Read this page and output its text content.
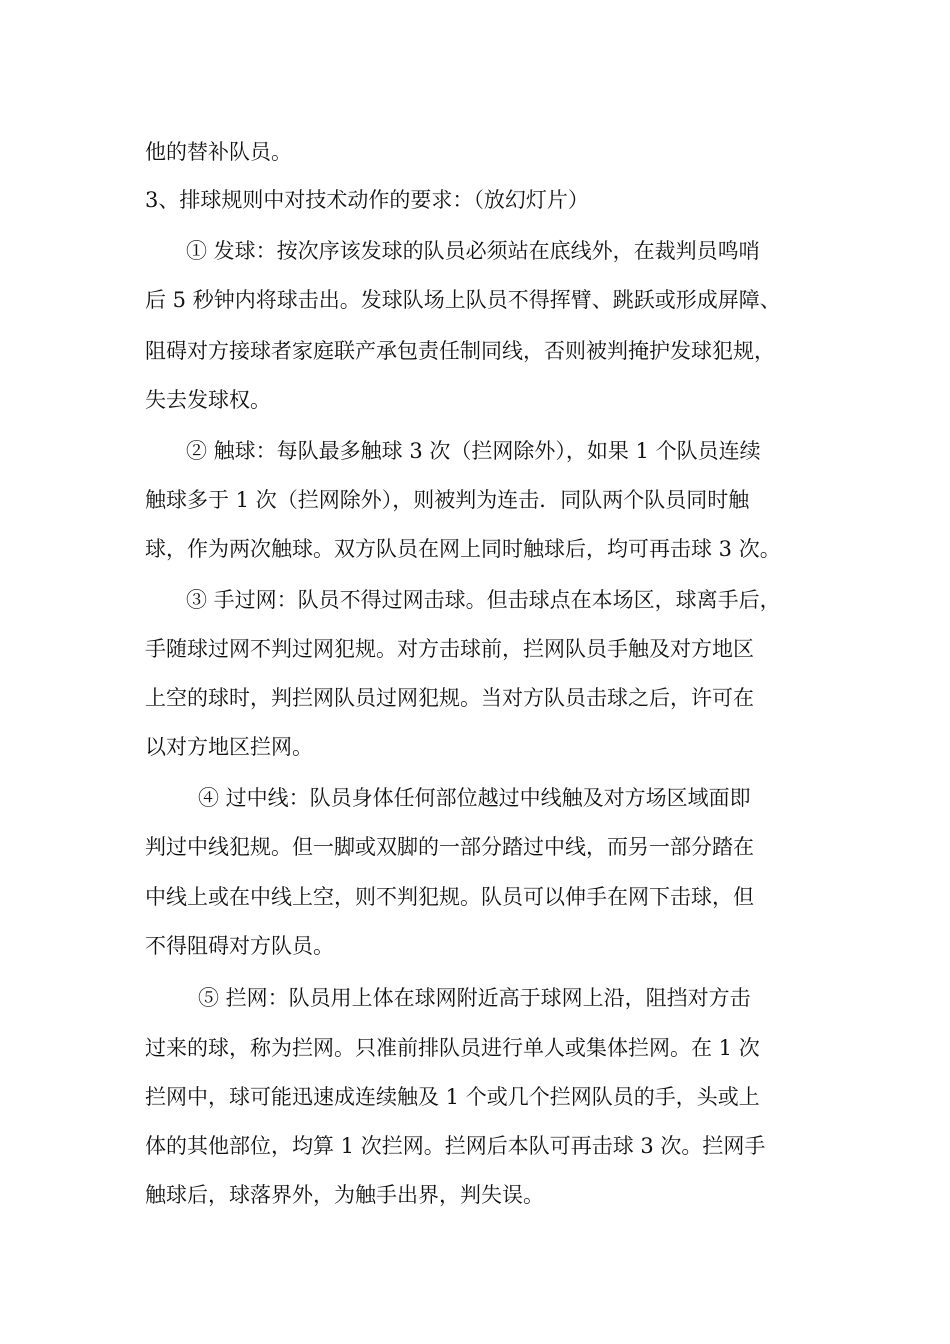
他的替补队员。
3、排球规则中对技术动作的要求：（放幻灯片）
① 发球：按次序该发球的队员必须站在底线外，在裁判员鸣哨
后 5 秒钟内将球击出。发球队场上队员不得挥臂、跳跃或形成屏障、
阻碍对方接球者家庭联产承包责任制同线，否则被判掩护发球犯规，
失去发球权。
② 触球：每队最多触球 3 次（拦网除外），如果 1 个队员连续
触球多于 1 次（拦网除外），则被判为连击．同队两个队员同时触
球，作为两次触球。双方队员在网上同时触球后，均可再击球 3 次。
③ 手过网：队员不得过网击球。但击球点在本场区，球离手后，
手随球过网不判过网犯规。对方击球前，拦网队员手触及对方地区
上空的球时，判拦网队员过网犯规。当对方队员击球之后，许可在
以对方地区拦网。
④ 过中线：队员身体任何部位越过中线触及对方场区域面即
判过中线犯规。但一脚或双脚的一部分踏过中线，而另一部分踏在
中线上或在中线上空，则不判犯规。队员可以伸手在网下击球，但
不得阻碍对方队员。
⑤ 拦网：队员用上体在球网附近高于球网上沿，阻挡对方击
过来的球，称为拦网。只准前排队员进行单人或集体拦网。在 1 次
拦网中，球可能迅速成连续触及 1 个或几个拦网队员的手，头或上
体的其他部位，均算 1 次拦网。拦网后本队可再击球 3 次。拦网手
触球后，球落界外，为触手出界，判失误。
